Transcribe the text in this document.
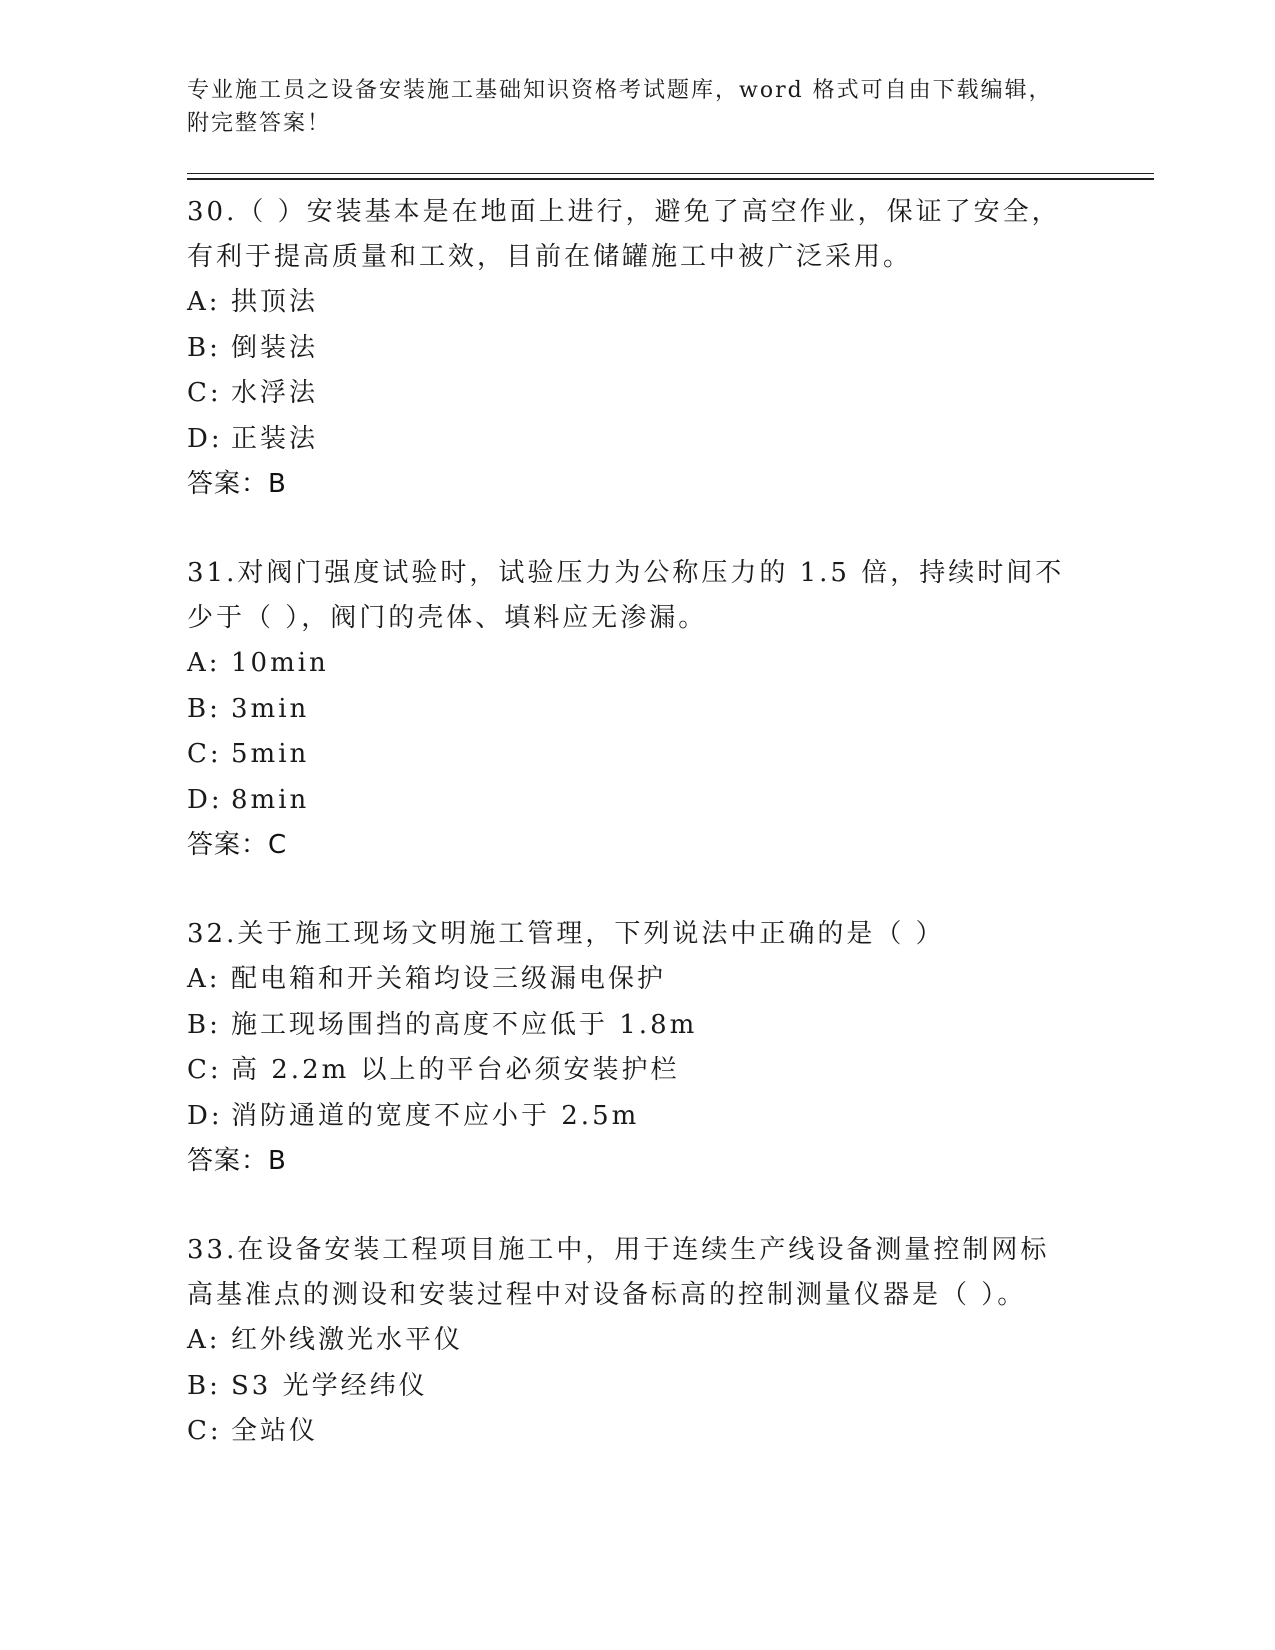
专业施工员之设备安装施工基础知识资格考试题库，word 格式可自由下载编辑，
附完整答案！
30.（ ）安装基本是在地面上进行，避免了高空作业，保证了安全，有利于提高质量和工效，目前在储罐施工中被广泛采用。
A: 拱顶法
B: 倒装法
C: 水浮法
D: 正装法
答案：B
31.对阀门强度试验时，试验压力为公称压力的 1.5 倍，持续时间不少于（ ），阀门的壳体、填料应无渗漏。
A: 10min
B: 3min
C: 5min
D: 8min
答案：C
32.关于施工现场文明施工管理，下列说法中正确的是（ ）
A: 配电箱和开关箱均设三级漏电保护
B: 施工现场围挡的高度不应低于 1.8m
C: 高 2.2m 以上的平台必须安装护栏
D: 消防通道的宽度不应小于 2.5m
答案：B
33.在设备安装工程项目施工中，用于连续生产线设备测量控制网标高基准点的测设和安装过程中对设备标高的控制测量仪器是（ ）。
A: 红外线激光水平仪
B: S3 光学经纬仪
C: 全站仪
